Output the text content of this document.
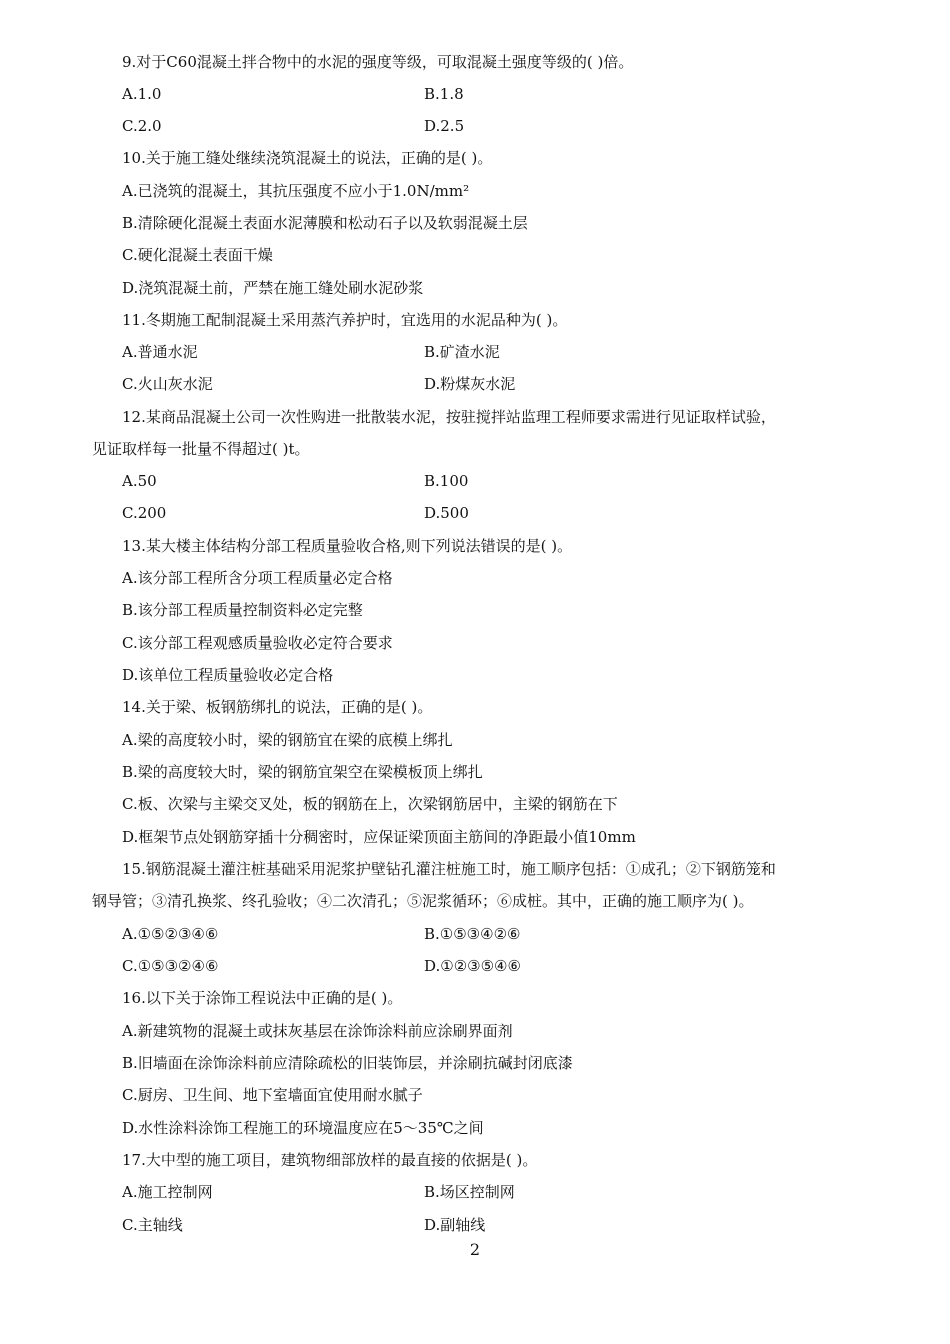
9.对于C60混凝土拌合物中的水泥的强度等级，可取混凝土强度等级的( )倍。
A.1.0	B.1.8
C.2.0	D.2.5
10.关于施工缝处继续浇筑混凝土的说法，正确的是( )。
A.已浇筑的混凝土，其抗压强度不应小于1.0N/mm²
B.清除硬化混凝土表面水泥薄膜和松动石子以及软弱混凝土层
C.硬化混凝土表面干燥
D.浇筑混凝土前，严禁在施工缝处刷水泥砂浆
11.冬期施工配制混凝土采用蒸汽养护时，宜选用的水泥品种为( )。
A.普通水泥	B.矿渣水泥
C.火山灰水泥	D.粉煤灰水泥
12.某商品混凝土公司一次性购进一批散装水泥，按驻搅拌站监理工程师要求需进行见证取样试验，
见证取样每一批量不得超过( )t。
A.50	B.100
C.200	D.500
13.某大楼主体结构分部工程质量验收合格,则下列说法错误的是( )。
A.该分部工程所含分项工程质量必定合格
B.该分部工程质量控制资料必定完整
C.该分部工程观感质量验收必定符合要求
D.该单位工程质量验收必定合格
14.关于梁、板钢筋绑扎的说法，正确的是( )。
A.梁的高度较小时，梁的钢筋宜在梁的底模上绑扎
B.梁的高度较大时，梁的钢筋宜架空在梁模板顶上绑扎
C.板、次梁与主梁交叉处，板的钢筋在上，次梁钢筋居中，主梁的钢筋在下
D.框架节点处钢筋穿插十分稠密时，应保证梁顶面主筋间的净距最小值10mm
15.钢筋混凝土灌注桩基础采用泥浆护壁钻孔灌注桩施工时，施工顺序包括：①成孔；②下钢筋笼和
钢导管；③清孔换浆、终孔验收；④二次清孔；⑤泥浆循环；⑥成桩。其中，正确的施工顺序为( )。
A.①⑤②③④⑥	B.①⑤③④②⑥
C.①⑤③②④⑥	D.①②③⑤④⑥
16.以下关于涂饰工程说法中正确的是( )。
A.新建筑物的混凝土或抹灰基层在涂饰涂料前应涂刷界面剂
B.旧墙面在涂饰涂料前应清除疏松的旧装饰层，并涂刷抗碱封闭底漆
C.厨房、卫生间、地下室墙面宜使用耐水腻子
D.水性涂料涂饰工程施工的环境温度应在5～35℃之间
17.大中型的施工项目，建筑物细部放样的最直接的依据是( )。
A.施工控制网	B.场区控制网
C.主轴线	D.副轴线
2
